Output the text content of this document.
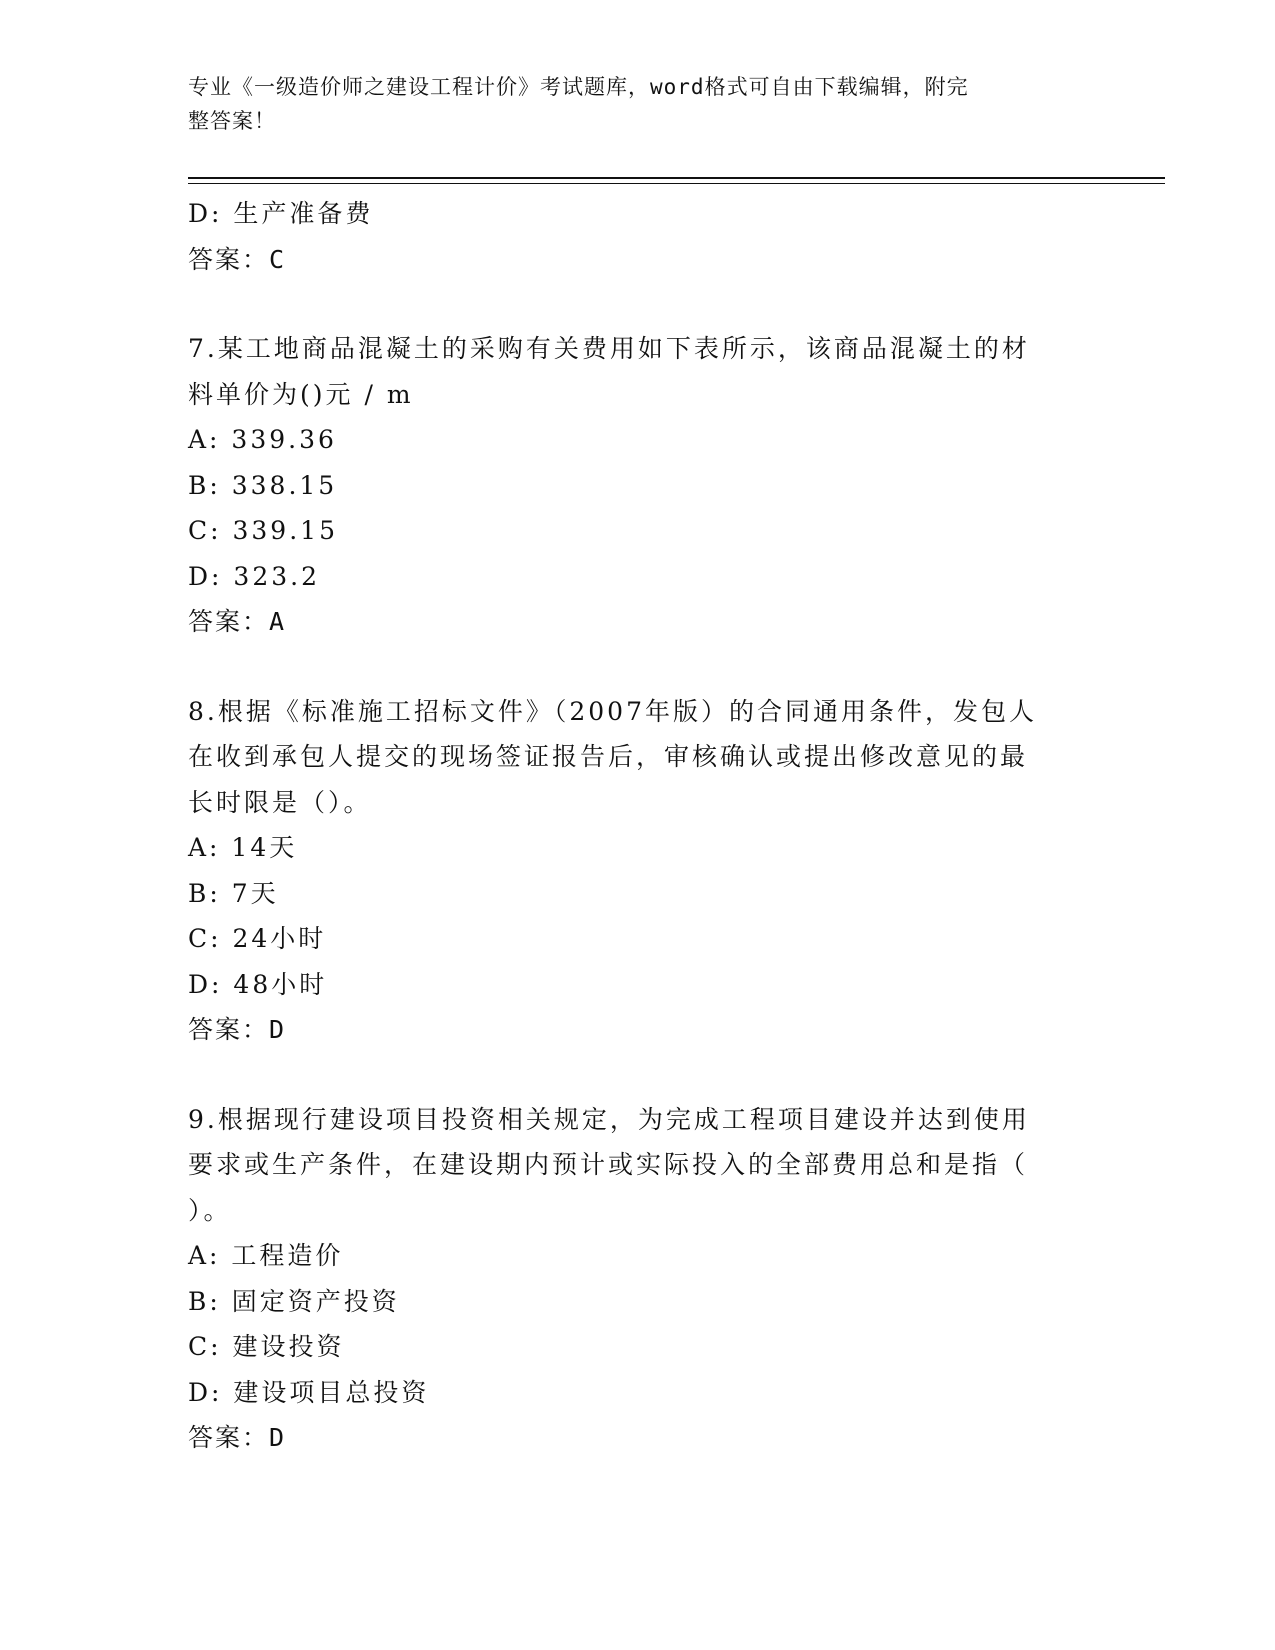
专业《一级造价师之建设工程计价》考试题库，word格式可自由下载编辑，附完
整答案！
D: 生产准备费
答案：C
7.某工地商品混凝土的采购有关费用如下表所示，该商品混凝土的材
料单价为()元 / m
A: 339.36
B: 338.15
C: 339.15
D: 323.2
答案：A
8.根据《标准施工招标文件》（2007年版）的合同通用条件，发包人
在收到承包人提交的现场签证报告后，审核确认或提出修改意见的最
长时限是（）。
A: 14天
B: 7天
C: 24小时
D: 48小时
答案：D
9.根据现行建设项目投资相关规定，为完成工程项目建设并达到使用
要求或生产条件，在建设期内预计或实际投入的全部费用总和是指（
）。
A: 工程造价
B: 固定资产投资
C: 建设投资
D: 建设项目总投资
答案：D
